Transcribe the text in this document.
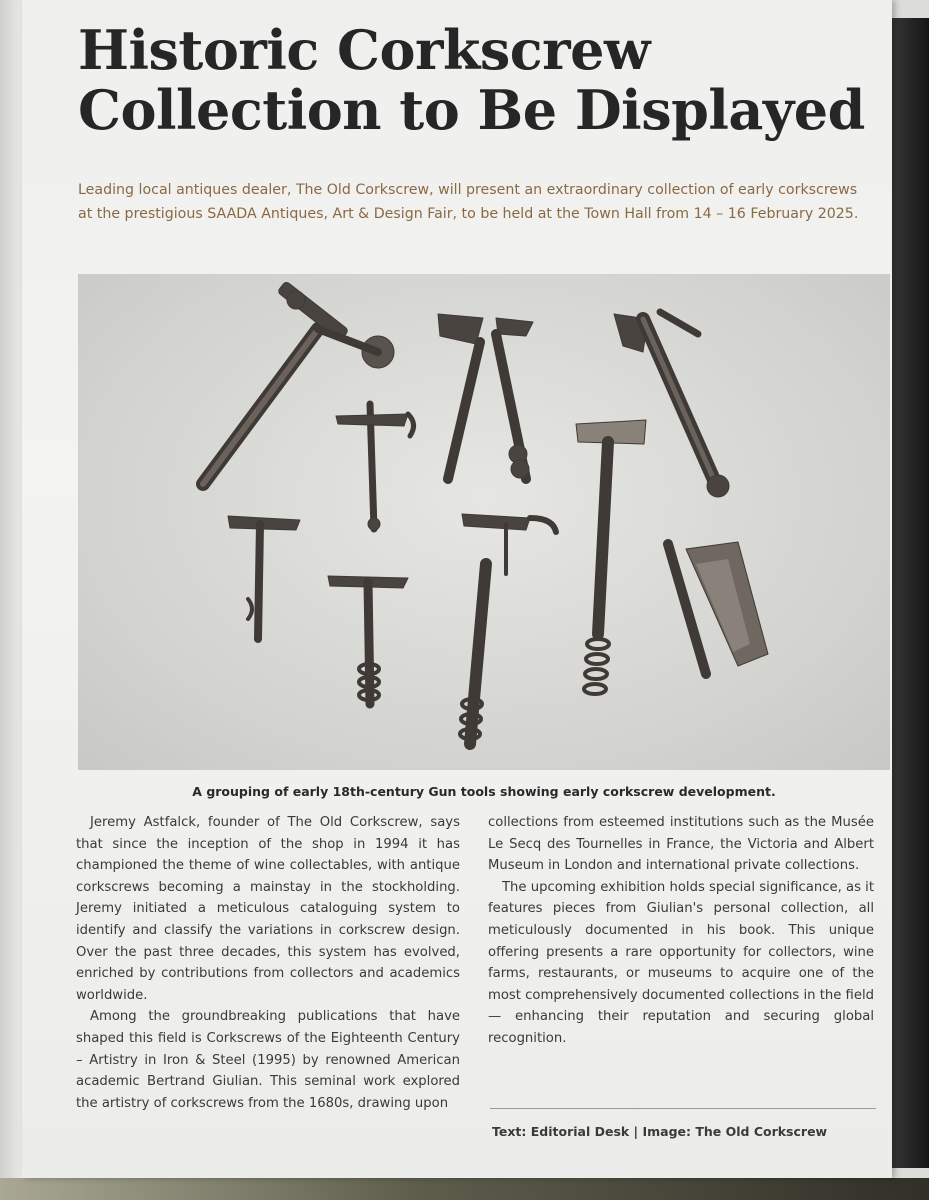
Historic Corkscrew
Collection to Be Displayed

Leading local antiques dealer, The Old Corkscrew, will present an extraordinary collection of early corkscrews at the prestigious SAADA Antiques, Art & Design Fair, to be held at the Town Hall from 14 – 16 February 2025.

A grouping of early 18th-century Gun tools showing early corkscrew development.

Jeremy Astfalck, founder of The Old Corkscrew, says that since the inception of the shop in 1994 it has championed the theme of wine collectables, with antique corkscrews becoming a mainstay in the stockholding. Jeremy initiated a meticulous cataloguing system to identify and classify the variations in corkscrew design. Over the past three decades, this system has evolved, enriched by contributions from collectors and academics worldwide.

Among the groundbreaking publications that have shaped this field is Corkscrews of the Eighteenth Century – Artistry in Iron & Steel (1995) by renowned American academic Bertrand Giulian. This seminal work explored the artistry of corkscrews from the 1680s, drawing upon

collections from esteemed institutions such as the Musée Le Secq des Tournelles in France, the Victoria and Albert Museum in London and international private collections.

The upcoming exhibition holds special significance, as it features pieces from Giulian's personal collection, all meticulously documented in his book. This unique offering presents a rare opportunity for collectors, wine farms, restaurants, or museums to acquire one of the most comprehensively documented collections in the field— enhancing their reputation and securing global recognition.

Text: Editorial Desk | Image: The Old Corkscrew
